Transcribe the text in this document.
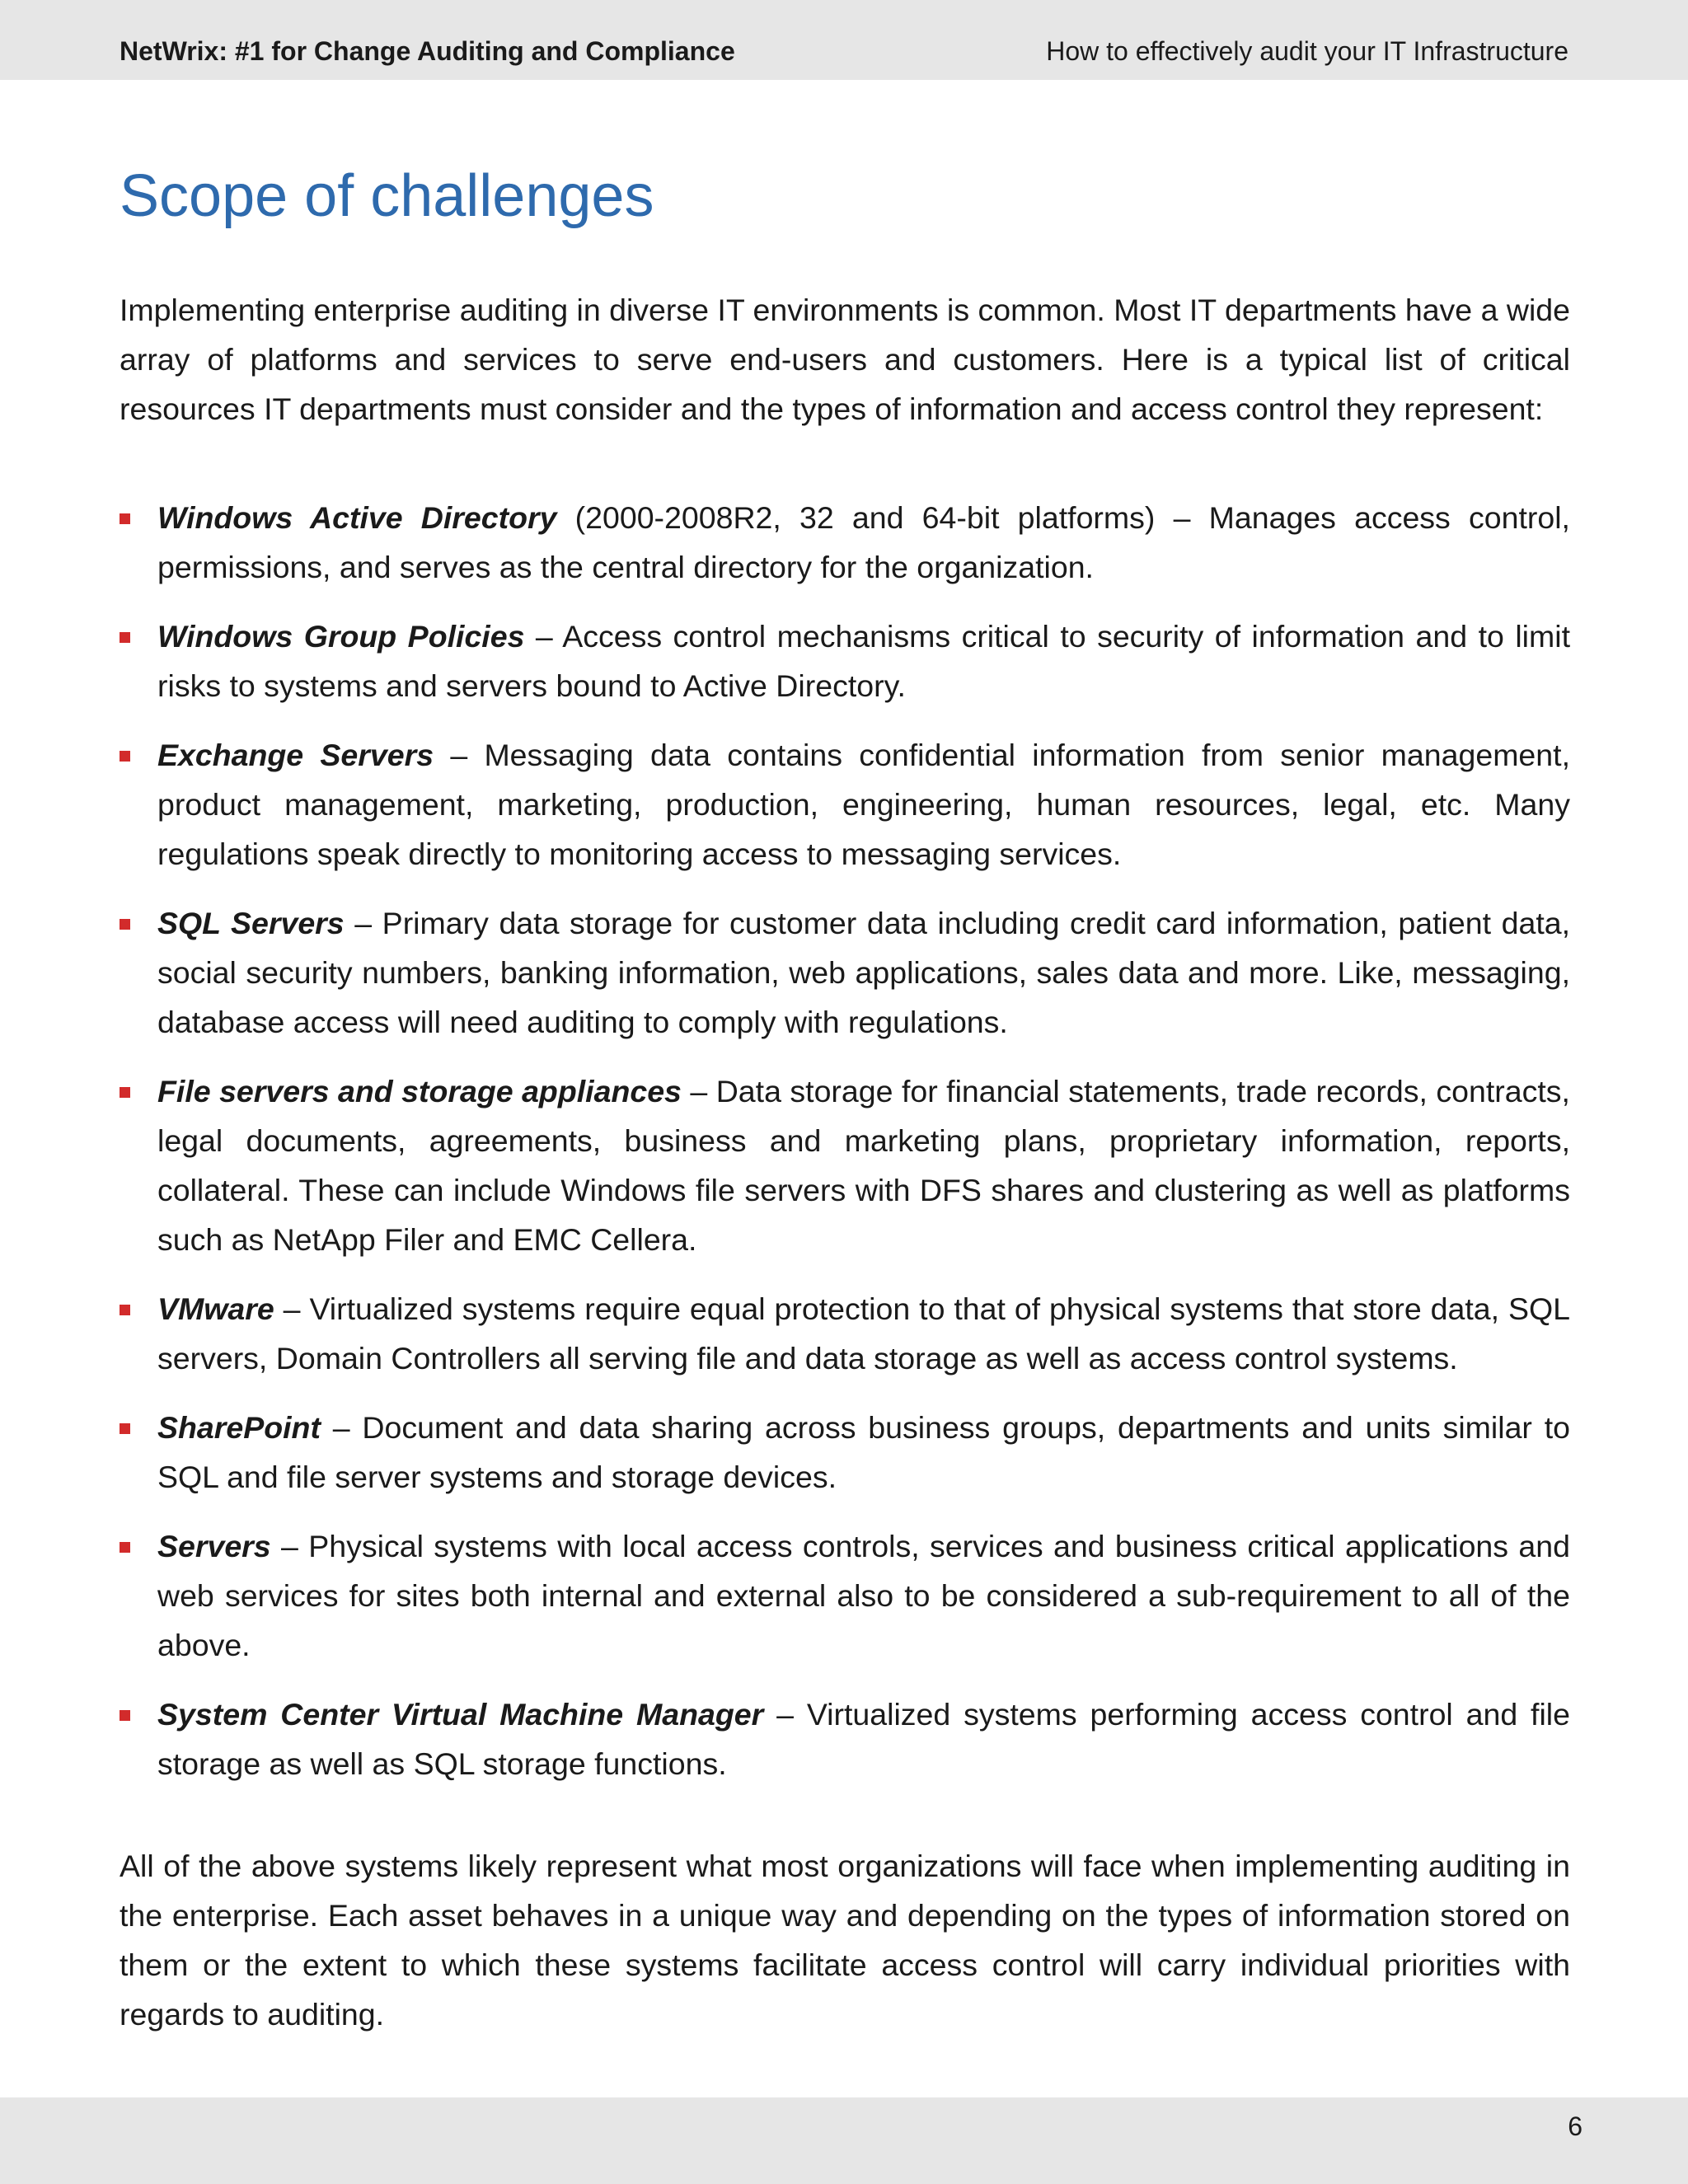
NetWrix: #1 for Change Auditing and Compliance	How to effectively audit your IT Infrastructure
Scope of challenges

Implementing enterprise auditing in diverse IT environments is common. Most IT departments have a wide array of platforms and services to serve end-users and customers. Here is a typical list of critical resources IT departments must consider and the types of information and access control they represent:

Windows Active Directory (2000-2008R2, 32 and 64-bit platforms) – Manages access control, permissions, and serves as the central directory for the organization.
Windows Group Policies – Access control mechanisms critical to security of information and to limit risks to systems and servers bound to Active Directory.
Exchange Servers – Messaging data contains confidential information from senior management, product management, marketing, production, engineering, human resources, legal, etc. Many regulations speak directly to monitoring access to messaging services.
SQL Servers – Primary data storage for customer data including credit card information, patient data, social security numbers, banking information, web applications, sales data and more. Like, messaging, database access will need auditing to comply with regulations.
File servers and storage appliances – Data storage for financial statements, trade records, contracts, legal documents, agreements, business and marketing plans, proprietary information, reports, collateral. These can include Windows file servers with DFS shares and clustering as well as platforms such as NetApp Filer and EMC Cellera.
VMware – Virtualized systems require equal protection to that of physical systems that store data, SQL servers, Domain Controllers all serving file and data storage as well as access control systems.
SharePoint – Document and data sharing across business groups, departments and units similar to SQL and file server systems and storage devices.
Servers – Physical systems with local access controls, services and business critical applications and web services for sites both internal and external also to be considered a sub-requirement to all of the above.
System Center Virtual Machine Manager – Virtualized systems performing access control and file storage as well as SQL storage functions.

All of the above systems likely represent what most organizations will face when implementing auditing in the enterprise. Each asset behaves in a unique way and depending on the types of information stored on them or the extent to which these systems facilitate access control will carry individual priorities with regards to auditing.

6
